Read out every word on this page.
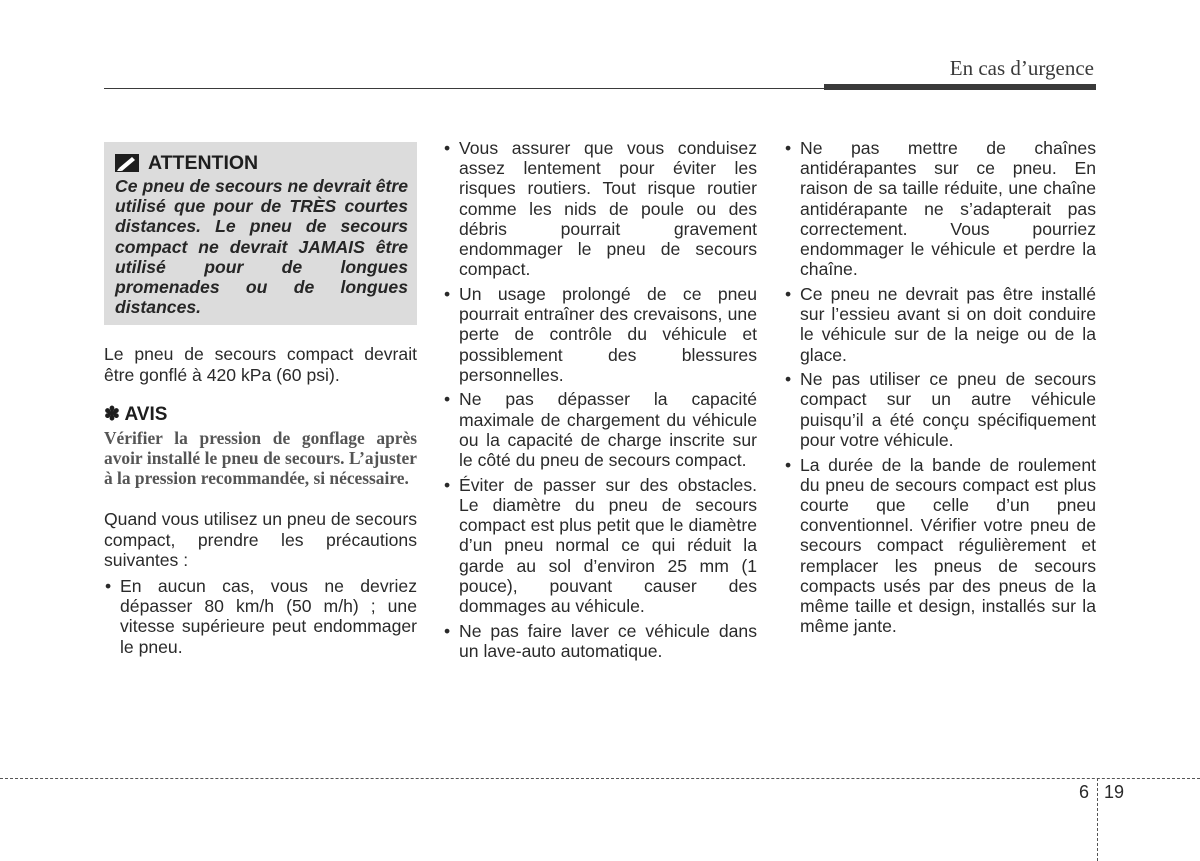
En cas d’urgence
ATTENTION
Ce pneu de secours ne devrait être utilisé que pour de TRÈS courtes distances. Le pneu de secours compact ne devrait JAMAIS être utilisé pour de longues promenades ou de longues distances.

Le pneu de secours compact devrait être gonflé à 420 kPa (60 psi).

✽ AVIS
Vérifier la pression de gonflage après avoir installé le pneu de secours. L’ajuster à la pression recommandée, si nécessaire.

Quand vous utilisez un pneu de secours compact, prendre les précautions suivantes :

• En aucun cas, vous ne devriez dépasser 80 km/h (50 m/h) ; une vitesse supérieure peut endommager le pneu.
• Vous assurer que vous conduisez assez lentement pour éviter les risques routiers. Tout risque routier comme les nids de poule ou des débris pourrait gravement endommager le pneu de secours compact.
• Un usage prolongé de ce pneu pourrait entraîner des crevaisons, une perte de contrôle du véhicule et possiblement des blessures personnelles.
• Ne pas dépasser la capacité maximale de chargement du véhicule ou la capacité de charge inscrite sur le côté du pneu de secours compact.
• Éviter de passer sur des obstacles. Le diamètre du pneu de secours compact est plus petit que le diamètre d’un pneu normal ce qui réduit la garde au sol d’environ 25 mm (1 pouce), pouvant causer des dommages au véhicule.
• Ne pas faire laver ce véhicule dans un lave-auto automatique.
• Ne pas mettre de chaînes antidérapantes sur ce pneu. En raison de sa taille réduite, une chaîne antidérapante ne s’adapterait pas correctement. Vous pourriez endommager le véhicule et perdre la chaîne.
• Ce pneu ne devrait pas être installé sur l’essieu avant si on doit conduire le véhicule sur de la neige ou de la glace.
• Ne pas utiliser ce pneu de secours compact sur un autre véhicule puisqu’il a été conçu spécifiquement pour votre véhicule.
• La durée de la bande de roulement du pneu de secours compact est plus courte que celle d’un pneu conventionnel. Vérifier votre pneu de secours compact régulièrement et remplacer les pneus de secours compacts usés par des pneus de la même taille et design, installés sur la même jante.
6 19
